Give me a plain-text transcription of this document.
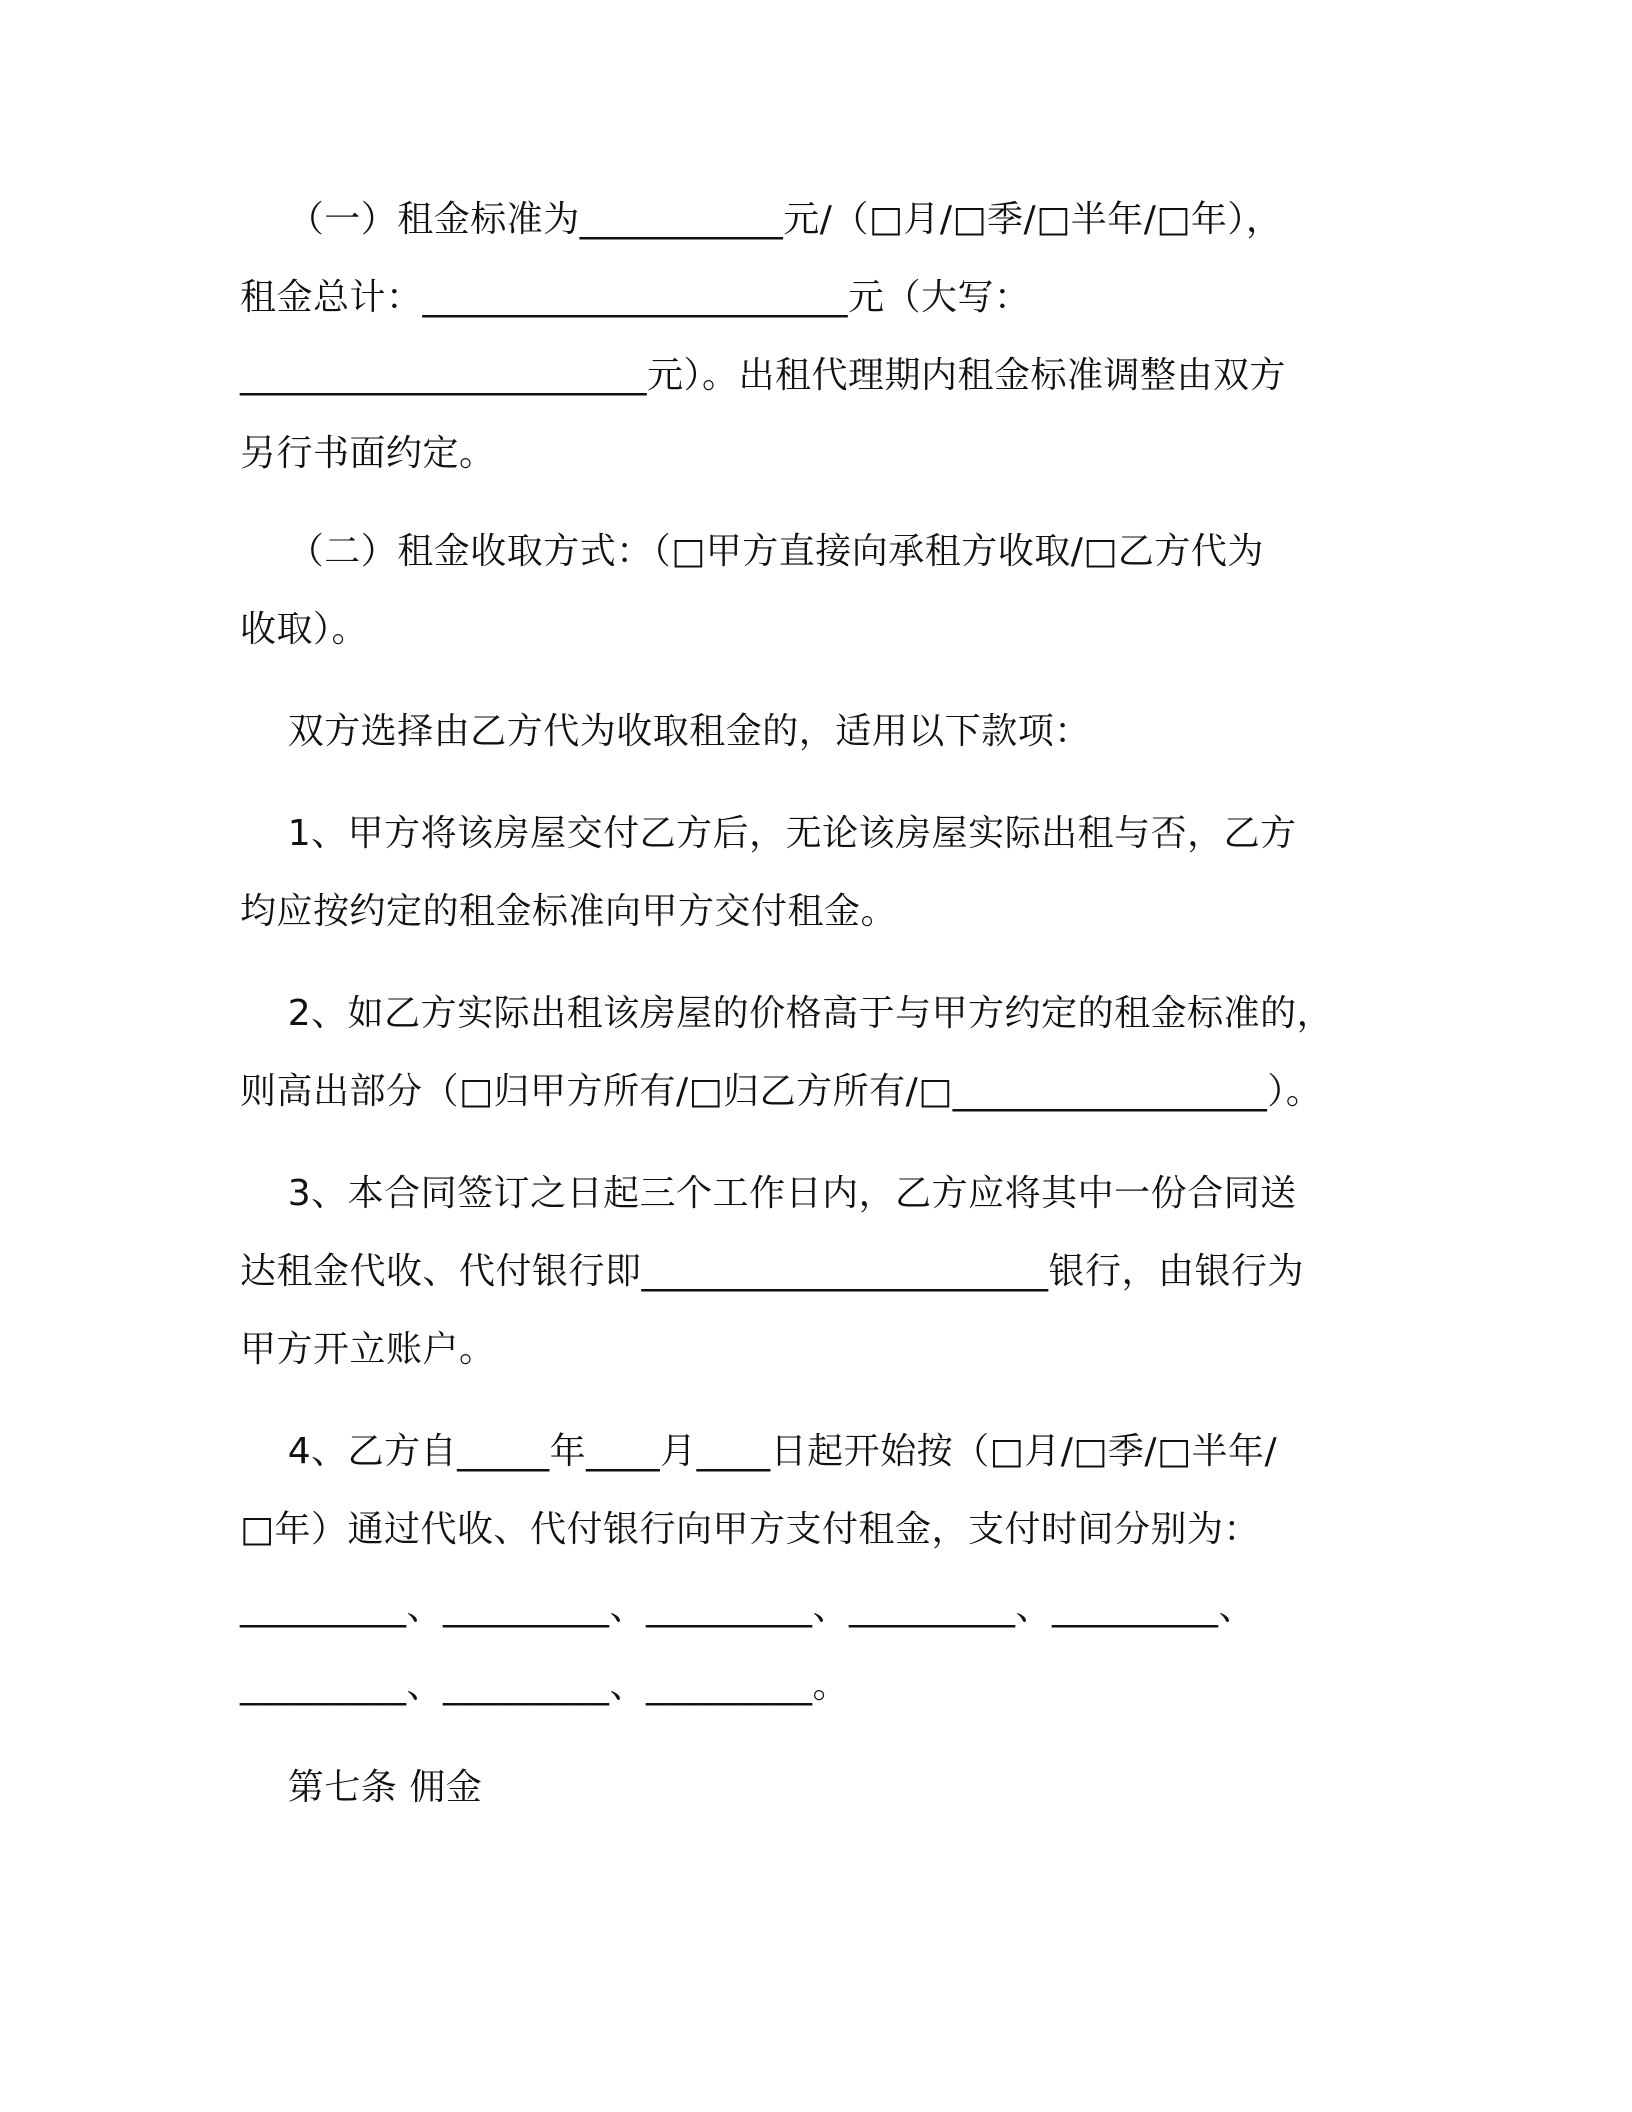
（一）租金标准为___________元/（□月/□季/□半年/□年），
租金总计：_______________________元（大写：
______________________元）。出租代理期内租金标准调整由双方
另行书面约定。
（二）租金收取方式：（□甲方直接向承租方收取/□乙方代为
收取）。
双方选择由乙方代为收取租金的，适用以下款项：
1、甲方将该房屋交付乙方后，无论该房屋实际出租与否，乙方
均应按约定的租金标准向甲方交付租金。
2、如乙方实际出租该房屋的价格高于与甲方约定的租金标准的，
则高出部分（□归甲方所有/□归乙方所有/□_________________）。
3、本合同签订之日起三个工作日内，乙方应将其中一份合同送
达租金代收、代付银行即______________________银行，由银行为
甲方开立账户。
4、乙方自_____年____月____日起开始按（□月/□季/□半年/
□年）通过代收、代付银行向甲方支付租金，支付时间分别为：
_________、_________、_________、_________、_________、
_________、_________、_________。
第七条 佣金
